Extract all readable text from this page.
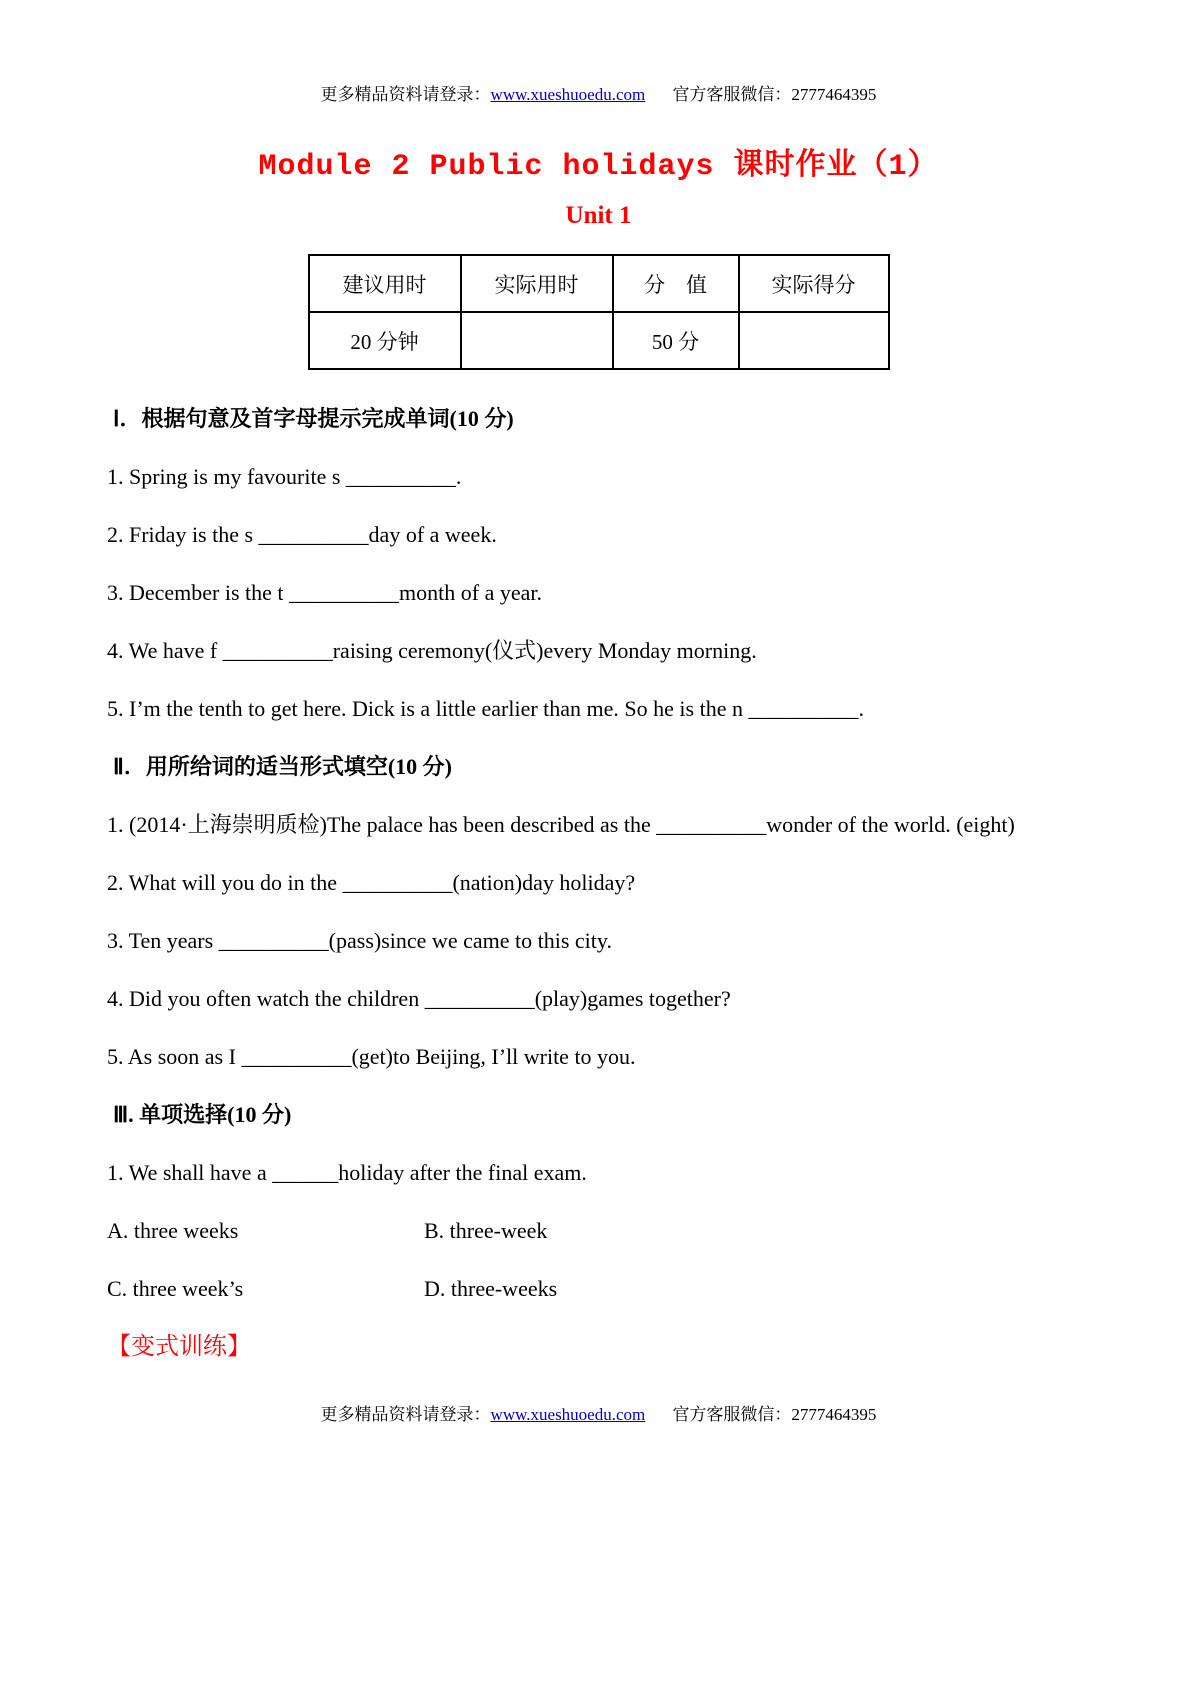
更多精品资料请登录：www.xueshuoedu.com 官方客服微信：2777464395
Module 2 Public holidays 课时作业（1）
Unit 1
建议用时	实际用时	分　值	实际得分
20 分钟		50 分	

Ⅰ．根据句意及首字母提示完成单词(10 分)

1. Spring is my favourite s __________.

2. Friday is the s __________day of a week.

3. December is the t __________month of a year.

4. We have f __________raising ceremony(仪式)every Monday morning.

5. I’m the tenth to get here. Dick is a little earlier than me. So he is the n __________.

Ⅱ．用所给词的适当形式填空(10 分)

1. (2014·上海崇明质检)The palace has been described as the __________wonder of the world. (eight)

2. What will you do in the __________(nation)day holiday?

3. Ten years __________(pass)since we came to this city.

4. Did you often watch the children __________(play)games together?

5. As soon as I __________(get)to Beijing, I’ll write to you.

Ⅲ. 单项选择(10 分)

1. We shall have a ______holiday after the final exam.

A. three weeks	B. three-week

C. three week’s	D. three-weeks

【变式训练】

更多精品资料请登录：www.xueshuoedu.com 官方客服微信：2777464395
